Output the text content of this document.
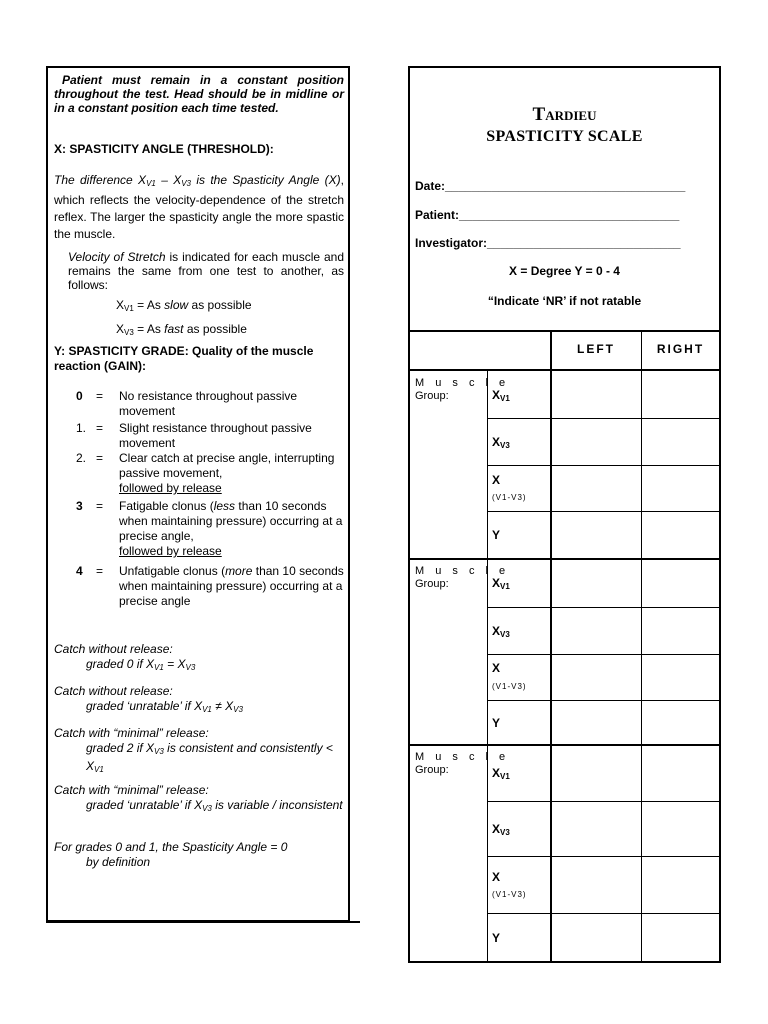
Patient must remain in a constant position throughout the test. Head should be in midline or in a constant position each time tested.
X: SPASTICITY ANGLE (THRESHOLD):
The difference $X_{V1} - X_{V3}$ is the Spasticity Angle (X), which reflects the velocity-dependence of the stretch reflex. The larger the spasticity angle the more spastic the muscle.
Velocity of Stretch is indicated for each muscle and remains the same from one test to another, as follows:
$X_{V1} = As$ slow as possible
$X_{V3} = As$ fast as possible
Y: SPASTICITY GRADE: Quality of the muscle reaction (GAIN):
0	= No resistance throughout passive movement
1. = Slight resistance throughout passive movement
2. = Clear catch at precise angle, interrupting passive movement,
followed by release
3	= Fatigable clonus (less than 10 seconds when maintaining pressure) occurring at a precise angle,
followed by release
4	= Unfatigable clonus (more than 10 seconds when maintaining pressure) occurring at a precise angle
Catch without release:
graded 0 if $X_{V1} = X_{V3}$
Catch without release:
graded ‘unratable’ if $X_{V1} \ne X_{V3}$
Catch with “minimal” release:
graded 2 if $X_{V3}$ is consistent and consistently < $X_{V1}$
Catch with “minimal” release:
graded ‘unratable’ if $X_{V3}$ is variable / inconsistent
For grades 0 and 1, the Spasticity Angle = 0
by definition
Tardieu
SPASTICITY SCALE
Date:____________________________________
Patient:_________________________________
Investigator:_____________________________
X = Degree Y = 0 - 4
“Indicate ‘NR’ if not ratable
LEFT	RIGHT
M u s c l e
Group:	$X_{V1}$
$X_{V3}$
X
(V1-V3)
Y
M u s c l e
Group:	$X_{V1}$
$X_{V3}$
X
(V1-V3)
Y
M u s c l e
Group:	$X_{V1}$
$X_{V3}$
X
(V1-V3)
Y
